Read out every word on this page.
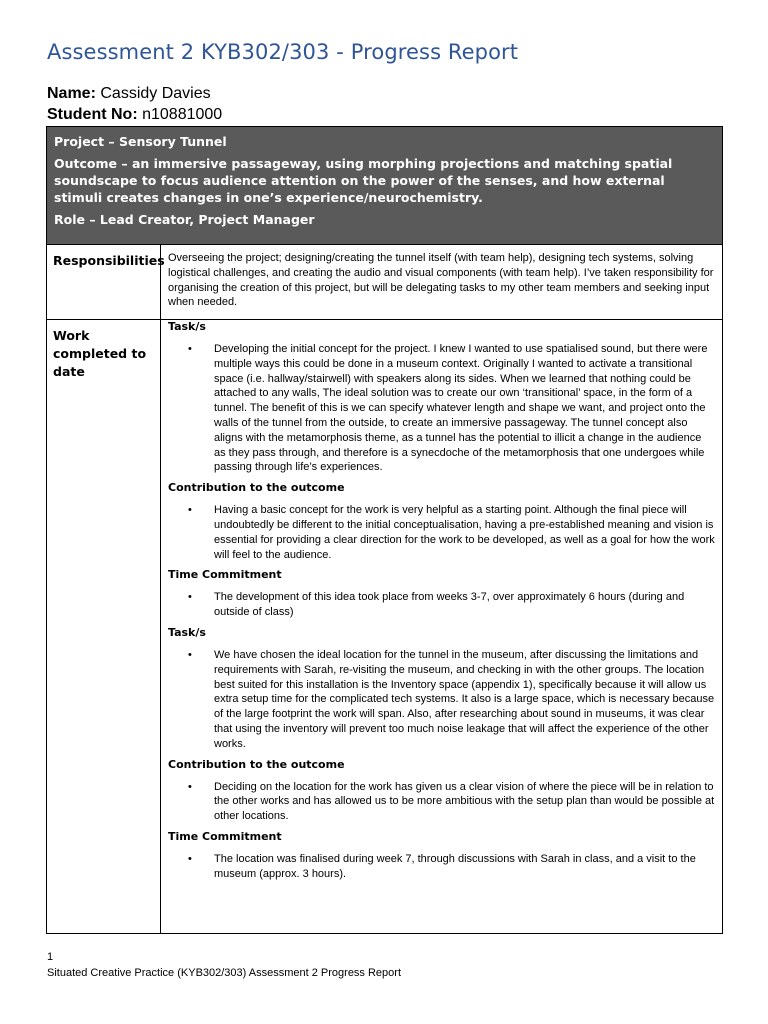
Assessment 2 KYB302/303 - Progress Report
Name: Cassidy Davies
Student No: n10881000

Project – Sensory Tunnel

Outcome – an immersive passageway, using morphing projections and matching spatial soundscape to focus audience attention on the power of the senses, and how external stimuli creates changes in one’s experience/neurochemistry.

Role – Lead Creator, Project Manager

Responsibilities Overseeing the project; designing/creating the tunnel itself (with team help), designing tech systems, solving logistical challenges, and creating the audio and visual components (with team help). I’ve taken responsibility for organising the creation of this project, but will be delegating tasks to my other team members and seeking input when needed.
Work completed to date

Task/s

• Developing the initial concept for the project. I knew I wanted to use spatialised sound, but there were multiple ways this could be done in a museum context. Originally I wanted to activate a transitional space (i.e. hallway/stairwell) with speakers along its sides. When we learned that nothing could be attached to any walls, The ideal solution was to create our own ‘transitional’ space, in the form of a tunnel. The benefit of this is we can specify whatever length and shape we want, and project onto the walls of the tunnel from the outside, to create an immersive passageway. The tunnel concept also aligns with the metamorphosis theme, as a tunnel has the potential to illicit a change in the audience as they pass through, and therefore is a synecdoche of the metamorphosis that one undergoes while passing through life’s experiences.

Contribution to the outcome

• Having a basic concept for the work is very helpful as a starting point. Although the final piece will undoubtedly be different to the initial conceptualisation, having a pre-established meaning and vision is essential for providing a clear direction for the work to be developed, as well as a goal for how the work will feel to the audience.

Time Commitment

• The development of this idea took place from weeks 3-7, over approximately 6 hours (during and outside of class)

Task/s

• We have chosen the ideal location for the tunnel in the museum, after discussing the limitations and requirements with Sarah, re-visiting the museum, and checking in with the other groups. The location best suited for this installation is the Inventory space (appendix 1), specifically because it will allow us extra setup time for the complicated tech systems. It also is a large space, which is necessary because of the large footprint the work will span. Also, after researching about sound in museums, it was clear that using the inventory will prevent too much noise leakage that will affect the experience of the other works.

Contribution to the outcome

• Deciding on the location for the work has given us a clear vision of where the piece will be in relation to the other works and has allowed us to be more ambitious with the setup plan than would be possible at other locations.

Time Commitment

• The location was finalised during week 7, through discussions with Sarah in class, and a visit to the museum (approx. 3 hours).
1
Situated Creative Practice (KYB302/303) Assessment 2 Progress Report
